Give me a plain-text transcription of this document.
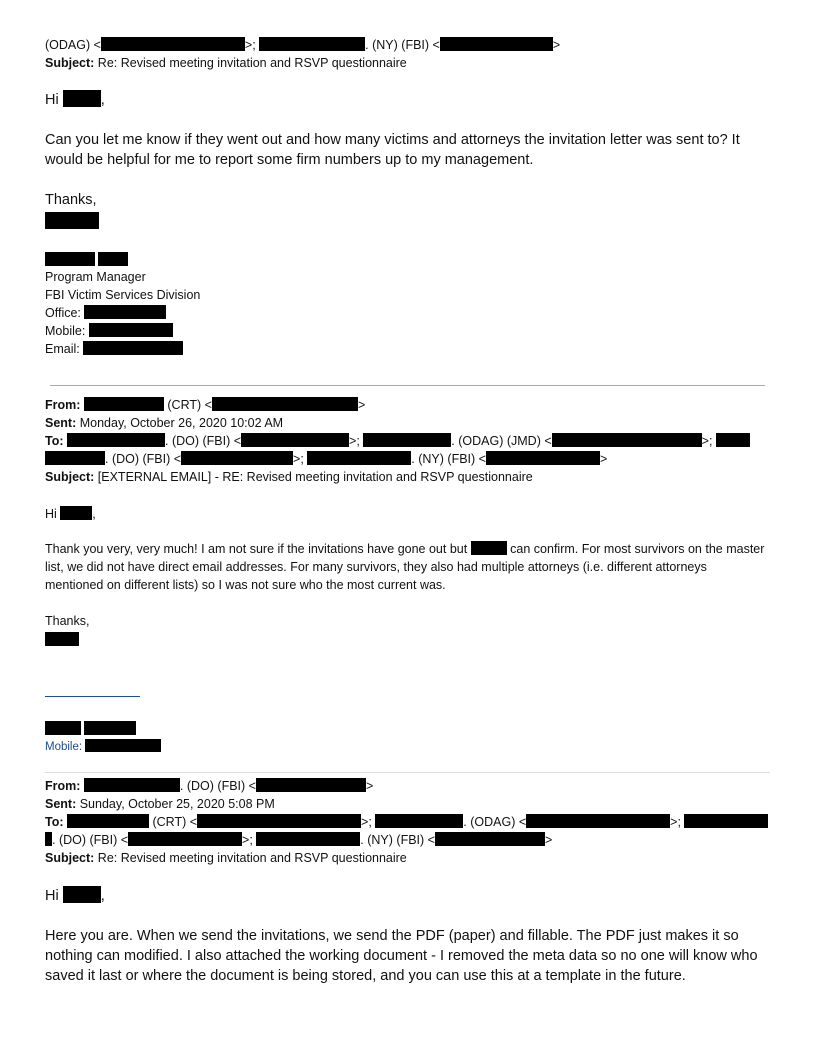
(ODAG) <	>;	. (NY) (FBI) <	>
Subject: Re: Revised meeting invitation and RSVP questionnaire
Hi	,

Can you let me know if they went out and how many victims and attorneys the invitation letter was sent to? It would be helpful for me to report some firm numbers up to my management.

Thanks,
Program Manager
FBI Victim Services Division
Office:
Mobile:
Email:
From:	(CRT) <	>
Sent: Monday, October 26, 2020 10:02 AM
To:	. (DO) (FBI) <	>;	. (ODAG) (JMD) <	>;
. (DO) (FBI) <	>;	. (NY) (FBI) <	>
Subject: [EXTERNAL EMAIL] - RE: Revised meeting invitation and RSVP questionnaire
Hi	,

Thank you very, very much! I am not sure if the invitations have gone out but	can confirm. For most survivors on the master list, we did not have direct email addresses. For many survivors, they also had multiple attorneys (i.e. different attorneys mentioned on different lists) so I was not sure who the most current was.

Thanks,
Mobile:
From:	. (DO) (FBI) <	>
Sent: Sunday, October 25, 2020 5:08 PM
To:	(CRT) <	>;	. (ODAG) <	>;
. (DO) (FBI) <	>;	. (NY) (FBI) <	>
Subject: Re: Revised meeting invitation and RSVP questionnaire
Hi	,

Here you are. When we send the invitations, we send the PDF (paper) and fillable. The PDF just makes it so nothing can modified. I also attached the working document - I removed the meta data so no one will know who saved it last or where the document is being stored, and you can use this at a template in the future.
